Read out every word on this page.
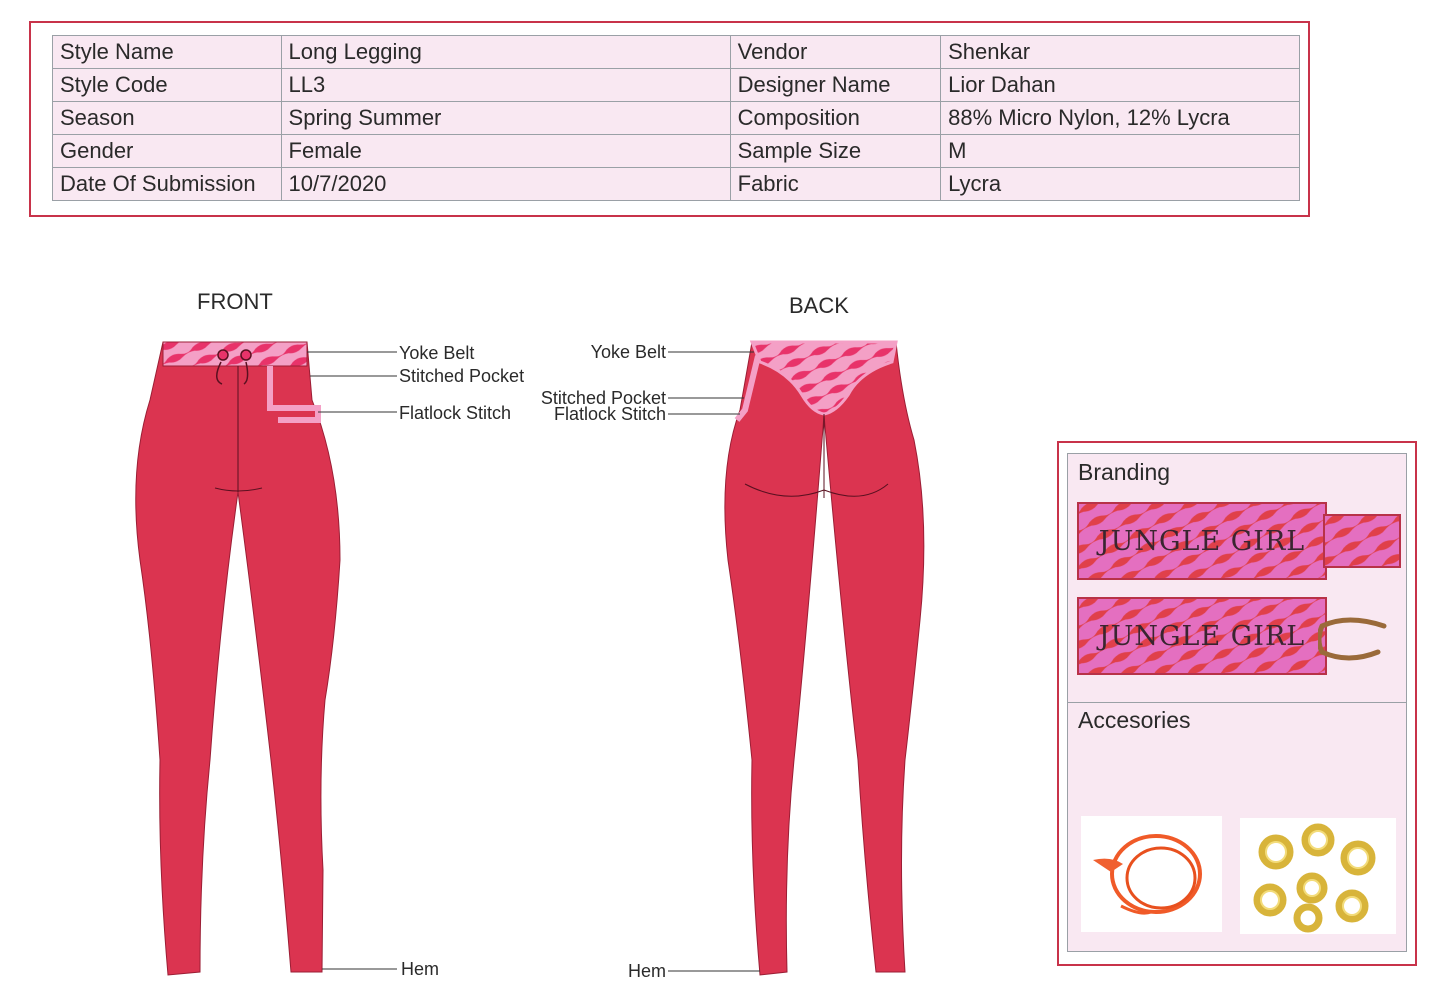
Style Name	Long Legging	Vendor	Shenkar
Style Code	LL3	Designer Name	Lior Dahan
Season	Spring Summer	Composition	88% Micro Nylon, 12% Lycra
Gender	Female	Sample Size	M
Date Of Submission	10/7/2020	Fabric	Lycra
FRONT	BACK
Yoke Belt
Stitched Pocket
Flatlock Stitch
Hem
Yoke Belt
Stitched Pocket
Flatlock Stitch
Hem
Branding
JUNGLE GIRL
JUNGLE GIRL
Accesories
